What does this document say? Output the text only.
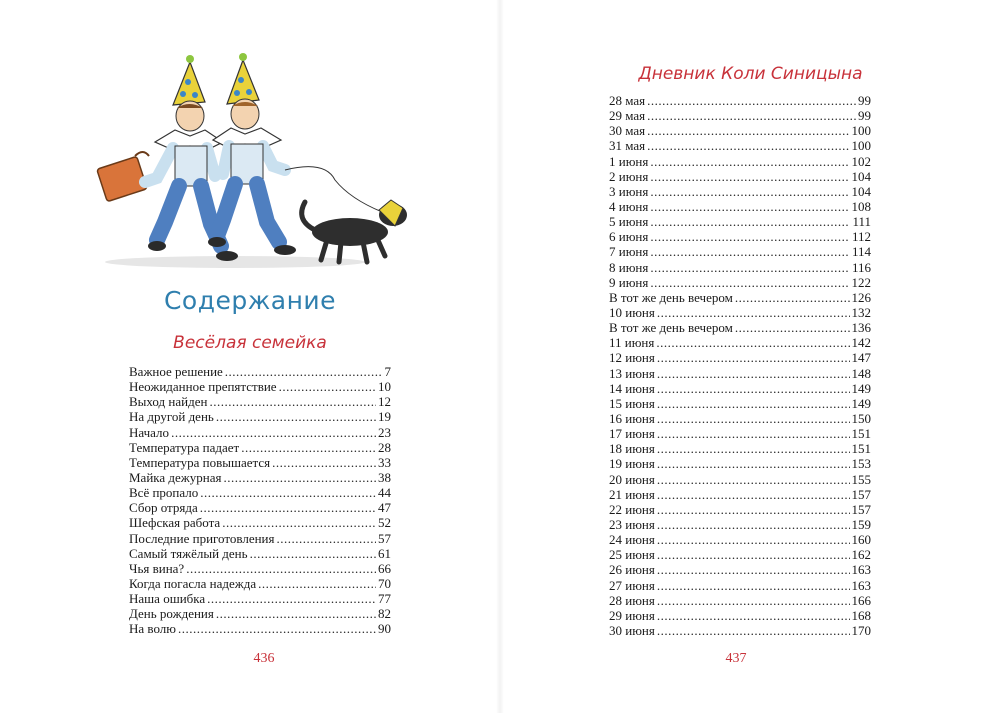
Содержание
Весёлая семейка
Важное решение .....	7
Неожиданное препятствие .....	10
Выход найден .....	12
На другой день .....	19
Начало .....	23
Температура падает .....	28
Температура повышается .....	33
Майка дежурная .....	38
Всё пропало .....	44
Сбор отряда .....	47
Шефская работа .....	52
Последние приготовления .....	57
Самый тяжёлый день .....	61
Чья вина? .....	66
Когда погасла надежда .....	70
Наша ошибка .....	77
День рождения .....	82
На волю .....	90
436
Дневник Коли Синицына
28 мая .....	99
29 мая .....	99
30 мая .....	100
31 мая .....	100
1 июня .....	102
2 июня .....	104
3 июня .....	104
4 июня .....	108
5 июня .....	111
6 июня .....	112
7 июня .....	114
8 июня .....	116
9 июня .....	122
В тот же день вечером .....	126
10 июня .....	132
В тот же день вечером .....	136
11 июня .....	142
12 июня .....	147
13 июня .....	148
14 июня .....	149
15 июня .....	149
16 июня .....	150
17 июня .....	151
18 июня .....	151
19 июня .....	153
20 июня .....	155
21 июня .....	157
22 июня .....	157
23 июня .....	159
24 июня .....	160
25 июня .....	162
26 июня .....	163
27 июня .....	163
28 июня .....	166
29 июня .....	168
30 июня .....	170
437
